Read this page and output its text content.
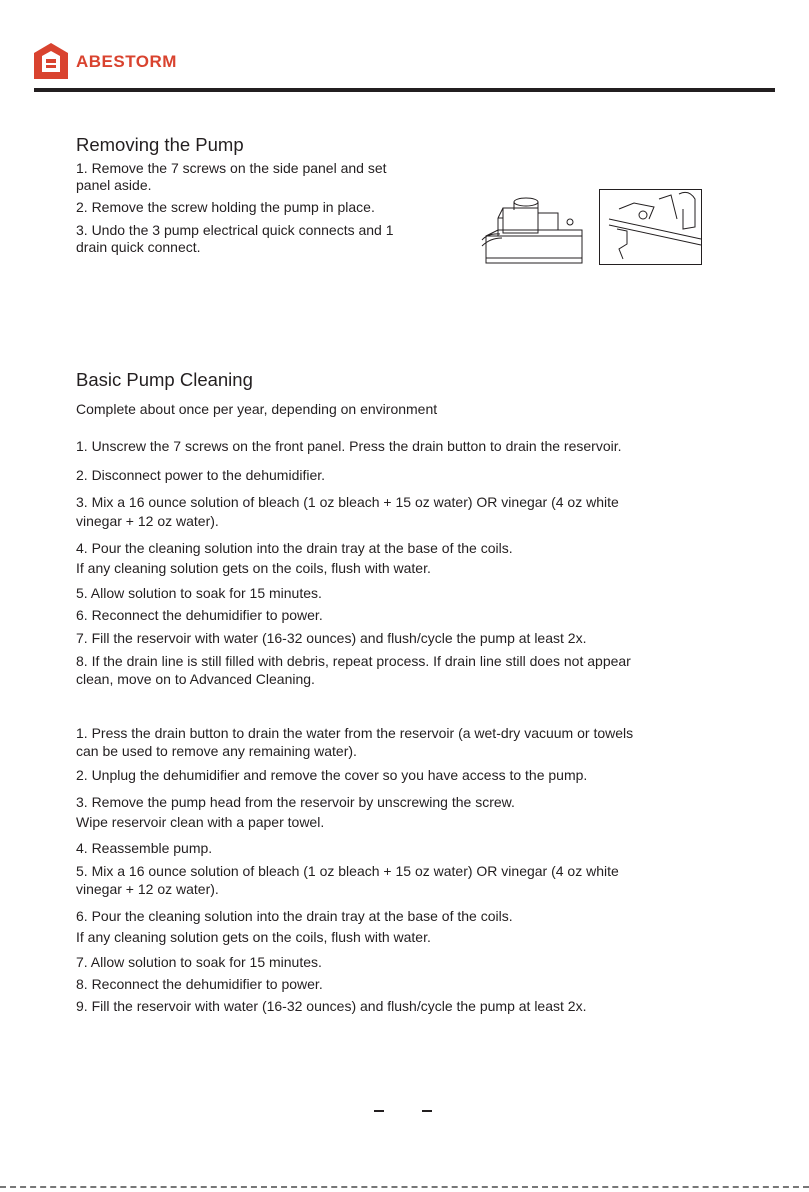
ABESTORM
Removing the Pump
1. Remove the 7 screws on the side panel and set
panel aside.
2. Remove the screw holding the pump in place.
3. Undo the 3 pump electrical quick connects and 1
drain quick connect.
Basic Pump Cleaning
Complete about once per year, depending on environment
1. Unscrew the 7 screws on the front panel. Press the drain button to drain the reservoir.
2. Disconnect power to the dehumidifier.
3. Mix a 16 ounce solution of bleach (1 oz bleach + 15 oz water) OR vinegar (4 oz white
vinegar + 12 oz water).
4. Pour the cleaning solution into the drain tray at the base of the coils.
If any cleaning solution gets on the coils, flush with water.
5. Allow solution to soak for 15 minutes.
6. Reconnect the dehumidifier to power.
7. Fill the reservoir with water (16-32 ounces) and flush/cycle the pump at least 2x.
8. If the drain line is still filled with debris, repeat process. If drain line still does not appear
clean, move on to Advanced Cleaning.
1. Press the drain button to drain the water from the reservoir (a wet-dry vacuum or towels
can be used to remove any remaining water).
2. Unplug the dehumidifier and remove the cover so you have access to the pump.
3. Remove the pump head from the reservoir by unscrewing the screw.
Wipe reservoir clean with a paper towel.
4. Reassemble pump.
5. Mix a 16 ounce solution of bleach (1 oz bleach + 15 oz water) OR vinegar (4 oz white
vinegar + 12 oz water).
6. Pour the cleaning solution into the drain tray at the base of the coils.
If any cleaning solution gets on the coils, flush with water.
7. Allow solution to soak for 15 minutes.
8. Reconnect the dehumidifier to power.
9. Fill the reservoir with water (16-32 ounces) and flush/cycle the pump at least 2x.
